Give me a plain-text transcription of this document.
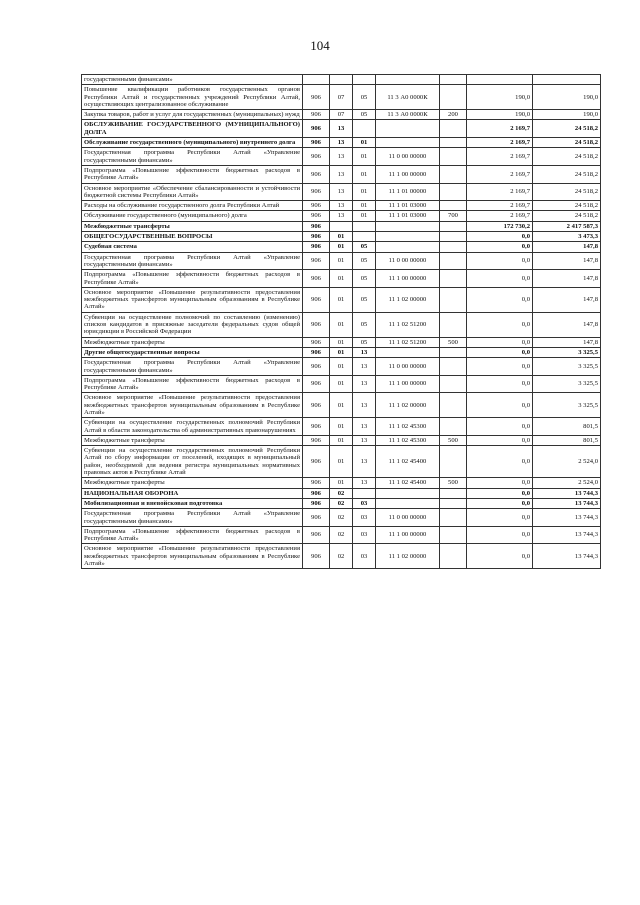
104
государственными финансами»							
Повышение квалификации работников государственных органов Республики Алтай и государственных учреждений Республики Алтай, осуществляющих централизованное обслуживание	906	07	05	11 3 А0 0000К		190,0	190,0
Закупка товаров, работ и услуг для государственных (муниципальных) нужд	906	07	05	11 3 А0 0000К	200	190,0	190,0
ОБСЛУЖИВАНИЕ ГОСУДАРСТВЕННОГО (МУНИЦИПАЛЬНОГО) ДОЛГА	906	13				2 169,7	24 518,2
Обслуживание государственного (муниципального) внутреннего долга	906	13	01			2 169,7	24 518,2
Государственная программа Республики Алтай «Управление государственными финансами»	906	13	01	11 0 00 00000		2 169,7	24 518,2
Подпрограмма «Повышение эффективности бюджетных расходов в Республике Алтай»	906	13	01	11 1 00 00000		2 169,7	24 518,2
Основное мероприятие «Обеспечение сбалансированности и устойчивости бюджетной системы Республики Алтай»	906	13	01	11 1 01 00000		2 169,7	24 518,2
Расходы на обслуживание государственного долга Республики Алтай	906	13	01	11 1 01 03000		2 169,7	24 518,2
Обслуживание государственного (муниципального) долга	906	13	01	11 1 01 03000	700	2 169,7	24 518,2
Межбюджетные трансферты	906					172 730,2	2 417 587,3
ОБЩЕГОСУДАРСТВЕННЫЕ ВОПРОСЫ	906	01				0,0	3 473,3
Судебная система	906	01	05			0,0	147,8
Государственная программа Республики Алтай «Управление государственными финансами»	906	01	05	11 0 00 00000		0,0	147,8
Подпрограмма «Повышение эффективности бюджетных расходов в Республике Алтай»	906	01	05	11 1 00 00000		0,0	147,8
Основное мероприятие «Повышение результативности предоставления межбюджетных трансфертов муниципальным образованиям в Республике Алтай»	906	01	05	11 1 02 00000		0,0	147,8
Субвенции на осуществление полномочий по составлению (изменению) списков кандидатов в присяжные заседатели федеральных судов общей юрисдикции в Российской Федерации	906	01	05	11 1 02 51200		0,0	147,8
Межбюджетные трансферты	906	01	05	11 1 02 51200	500	0,0	147,8
Другие общегосударственные вопросы	906	01	13			0,0	3 325,5
Государственная программа Республики Алтай «Управление государственными финансами»	906	01	13	11 0 00 00000		0,0	3 325,5
Подпрограмма «Повышение эффективности бюджетных расходов в Республике Алтай»	906	01	13	11 1 00 00000		0,0	3 325,5
Основное мероприятие «Повышение результативности предоставления межбюджетных трансфертов муниципальным образованиям в Республике Алтай»	906	01	13	11 1 02 00000		0,0	3 325,5
Субвенции на осуществление государственных полномочий Республики Алтай в области законодательства об административных правонарушениях	906	01	13	11 1 02 45300		0,0	801,5
Межбюджетные трансферты	906	01	13	11 1 02 45300	500	0,0	801,5
Субвенции на осуществление государственных полномочий Республики Алтай по сбору информации от поселений, входящих в муниципальный район, необходимой для ведения регистра муниципальных нормативных правовых актов в Республике Алтай	906	01	13	11 1 02 45400		0,0	2 524,0
Межбюджетные трансферты	906	01	13	11 1 02 45400	500	0,0	2 524,0
НАЦИОНАЛЬНАЯ ОБОРОНА	906	02				0,0	13 744,3
Мобилизационная и вневойсковая подготовка	906	02	03			0,0	13 744,3
Государственная программа Республики Алтай «Управление государственными финансами»	906	02	03	11 0 00 00000		0,0	13 744,3
Подпрограмма «Повышение эффективности бюджетных расходов в Республике Алтай»	906	02	03	11 1 00 00000		0,0	13 744,3
Основное мероприятие «Повышение результативности предоставления межбюджетных трансфертов муниципальным образованиям в Республике Алтай»	906	02	03	11 1 02 00000		0,0	13 744,3
